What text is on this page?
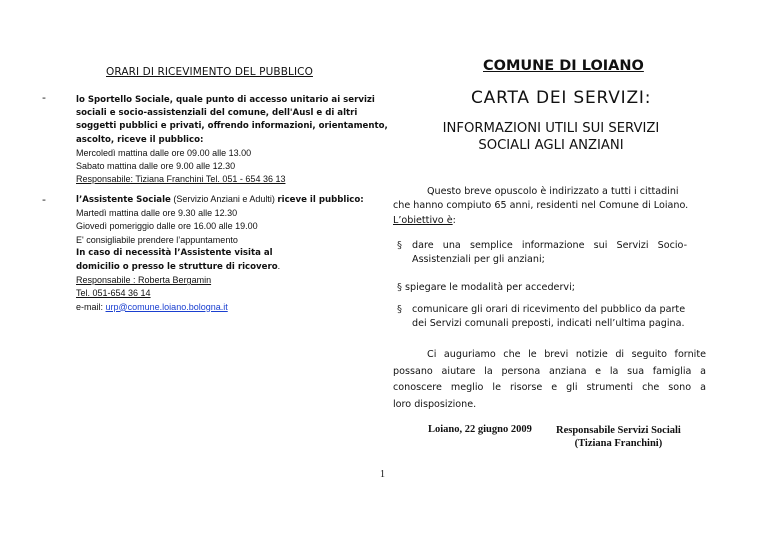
ORARI DI RICEVIMENTO DEL PUBBLICO
-	lo Sportello Sociale, quale punto di accesso unitario ai servizi
sociali e socio-assistenziali del comune, dell'Ausl e di altri
soggetti pubblici e privati, offrendo informazioni, orientamento,
ascolto, riceve il pubblico:
Mercoledì mattina dalle ore 09.00 alle 13.00
Sabato mattina dalle ore 9.00 alle 12.30
Responsabile: Tiziana Franchini Tel. 051 - 654 36 13
-	l’Assistente Sociale (Servizio Anziani e Adulti) riceve il pubblico:
Martedì mattina dalle ore 9.30 alle 12.30
Giovedì pomeriggio dalle ore 16.00 alle 19.00
E' consigliabile prendere l’appuntamento
In caso di necessità l’Assistente visita al
domicilio o presso le strutture di ricovero.
Responsabile : Roberta Bergamin
Tel. 051-654 36 14
e-mail: urp@comune.loiano.bologna.it
COMUNE DI LOIANO
CARTA DEI SERVIZI:
INFORMAZIONI UTILI SUI SERVIZI
SOCIALI AGLI ANZIANI
Questo breve opuscolo è indirizzato a tutti i cittadini
che hanno compiuto 65 anni, residenti nel Comune di Loiano.
L’obiettivo è:
§ dare   una   semplice   informazione   sui   Servizi   Socio-
Assistenziali per gli anziani;
§ spiegare le modalità per accedervi;
§ comunicare gli orari di ricevimento del pubblico da parte
dei Servizi comunali preposti, indicati nell’ultima pagina.
Ci auguriamo che le brevi notizie di seguito fornite
possano aiutare la persona anziana e la sua famiglia a
conoscere meglio le risorse e gli strumenti che sono a
loro disposizione.
Loiano, 22 giugno 2009 Responsabile Servizi Sociali
(Tiziana Franchini)
1
